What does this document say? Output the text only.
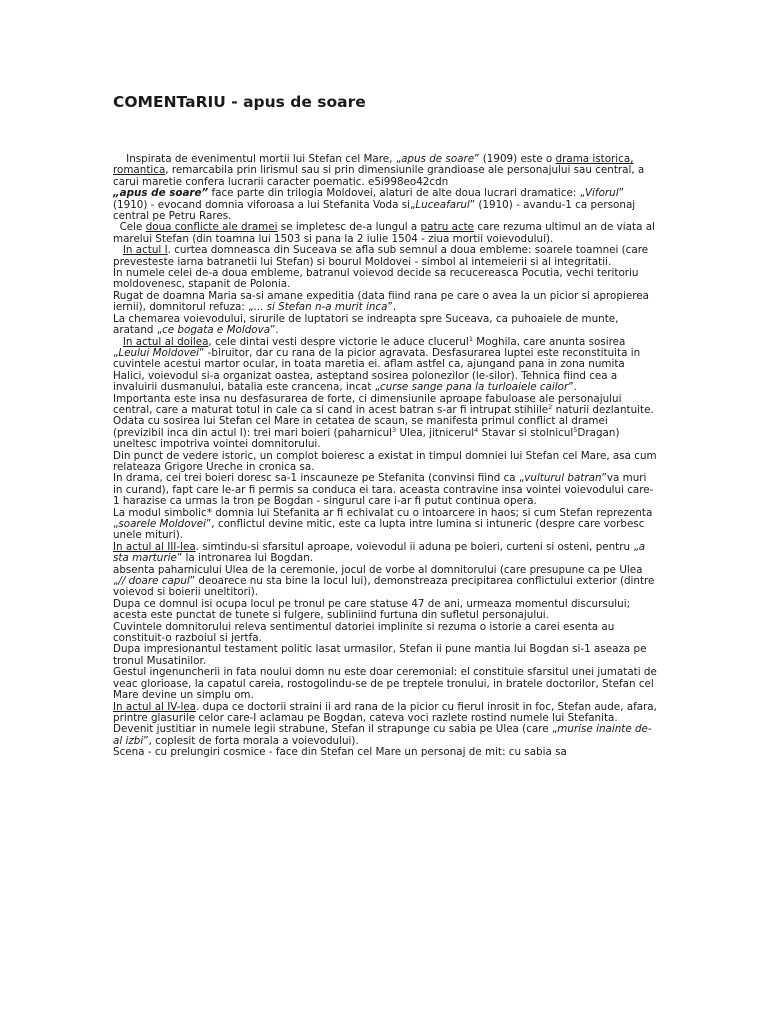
COMENTaRIU - apus de soare

Inspirata de evenimentul mortii lui Stefan cel Mare, „apus de soare” (1909) este o drama istorica, romantica, remarcabila prin lirismul sau si prin dimensiunile grandioase ale personajului sau central, a carui maretie confera lucrarii caracter poematic. e5i998eo42cdn

„apus de soare” face parte din trilogia Moldovei, alaturi de alte doua lucrari dramatice: „Viforul” (1910) - evocand domnia viforoasa a lui Stefanita Voda si„Luceafarul” (1910) - avandu-1 ca personaj central pe Petru Rares.

Cele doua conflicte ale dramei se impletesc de-a lungul a patru acte care rezuma ultimul an de viata al marelui Stefan (din toamna lui 1503 si pana la 2 iulie 1504 - ziua mortii voievodului).

In actul I. curtea domneasca din Suceava se afla sub semnul a doua embleme: soarele toamnei (care prevesteste iarna batranetii lui Stefan) si bourul Moldovei - simbol al intemeierii si al integritatii.

In numele celei de-a doua embleme, batranul voievod decide sa recucereasca Pocutia, vechi teritoriu moldovenesc, stapanit de Polonia.

Rugat de doamna Maria sa-si amane expeditia (data fiind rana pe care o avea Ia un picior si apropierea iernii), domnitorul refuza: „... si Stefan n-a murit inca”.

La chemarea voievodului, sirurile de luptatori se indreapta spre Suceava, ca puhoaiele de munte, aratand „ce bogata e Moldova”.

In actul al doilea, cele dintai vesti despre victorie le aduce clucerul$^1$ Moghila, care anunta sosirea „Leului Moldovei” -biruitor, dar cu rana de la picior agravata. Desfasurarea luptei este reconstituita in cuvintele acestui martor ocular, in toata maretia ei. aflam astfel ca, ajungand pana in zona numita Halici, voievodul si-a organizat oastea, asteptand sosirea polonezilor (le-silor). Tehnica fiind cea a invaluirii dusmanului, batalia este crancena, incat „curse sange pana la turloaiele cailor”.

Importanta este insa nu desfasurarea de forte, ci dimensiunile aproape fabuloase ale personajului central, care a maturat totul in cale ca si cand in acest batran s-ar fi intrupat stihiile$^2$ naturii dezlantuite.

Odata cu sosirea lui Stefan cel Mare in cetatea de scaun, se manifesta primul conflict al dramei (previzibil inca din actul I): trei mari boieri (paharnicul$^3$ Ulea, jitnicerul$^4$ Stavar si stolnicul$^5$Dragan) uneltesc impotriva vointei domnitorului.

Din punct de vedere istoric, un complot boieresc a existat in timpul domniei lui Stefan cel Mare, asa cum relateaza Grigore Ureche in cronica sa.

In drama, cei trei boieri doresc sa-1 inscauneze pe Stefanita (convinsi fiind ca „vulturul batran”va muri in curand), fapt care le-ar fi permis sa conduca ei tara. aceasta contravine insa vointei voievodului care-1 harazise ca urmas la tron pe Bogdan - singurul care i-ar fi putut continua opera.

La modul simbolic* domnia lui Stefanita ar fi echivalat cu o intoarcere in haos; si cum Stefan reprezenta „soarele Moldovei”, conflictul devine mitic, este ca lupta intre lumina si intuneric (despre care vorbesc unele mituri).

In actul al III-lea. simtindu-si sfarsitul aproape, voievodul ii aduna pe boieri, curteni si osteni, pentru „a sta marturie” la intronarea lui Bogdan.

absenta paharnicului Ulea de la ceremonie, jocul de vorbe al domnitorului (care presupune ca pe Ulea „// doare capul” deoarece nu sta bine la locul lui), demonstreaza precipitarea conflictului exterior (dintre voievod si boierii uneltitori).

Dupa ce domnul isi ocupa locul pe tronul pe care statuse 47 de ani, urmeaza momentul discursului; acesta este punctat de tunete si fulgere, subliniind furtuna din sufletul personajului.

Cuvintele domnitorului releva sentimentul datoriei implinite si rezuma o istorie a carei esenta au constituit-o razboiul si jertfa.

Dupa impresionantul testament politic lasat urmasilor, Stefan ii pune mantia lui Bogdan si-1 aseaza pe tronul Musatinilor.

Gestul ingenuncherii in fata noului domn nu este doar ceremonial: el constituie sfarsitul unei jumatati de veac glorioase, la capatul careia, rostogolindu-se de pe treptele tronului, in bratele doctorilor, Stefan cel Mare devine un simplu om.

In actul al IV-lea. dupa ce doctorii straini ii ard rana de la picior cu fierul inrosit in foc, Stefan aude, afara, printre glasurile celor care-I aclamau pe Bogdan, cateva voci razlete rostind numele lui Stefanita.

Devenit justitiar in numele legii strabune, Stefan il strapunge cu sabia pe Ulea (care „murise inainte de-al izbi”, coplesit de forta morala a voievodului).

Scena - cu prelungiri cosmice - face din Stefan cel Mare un personaj de mit: cu sabia sa
